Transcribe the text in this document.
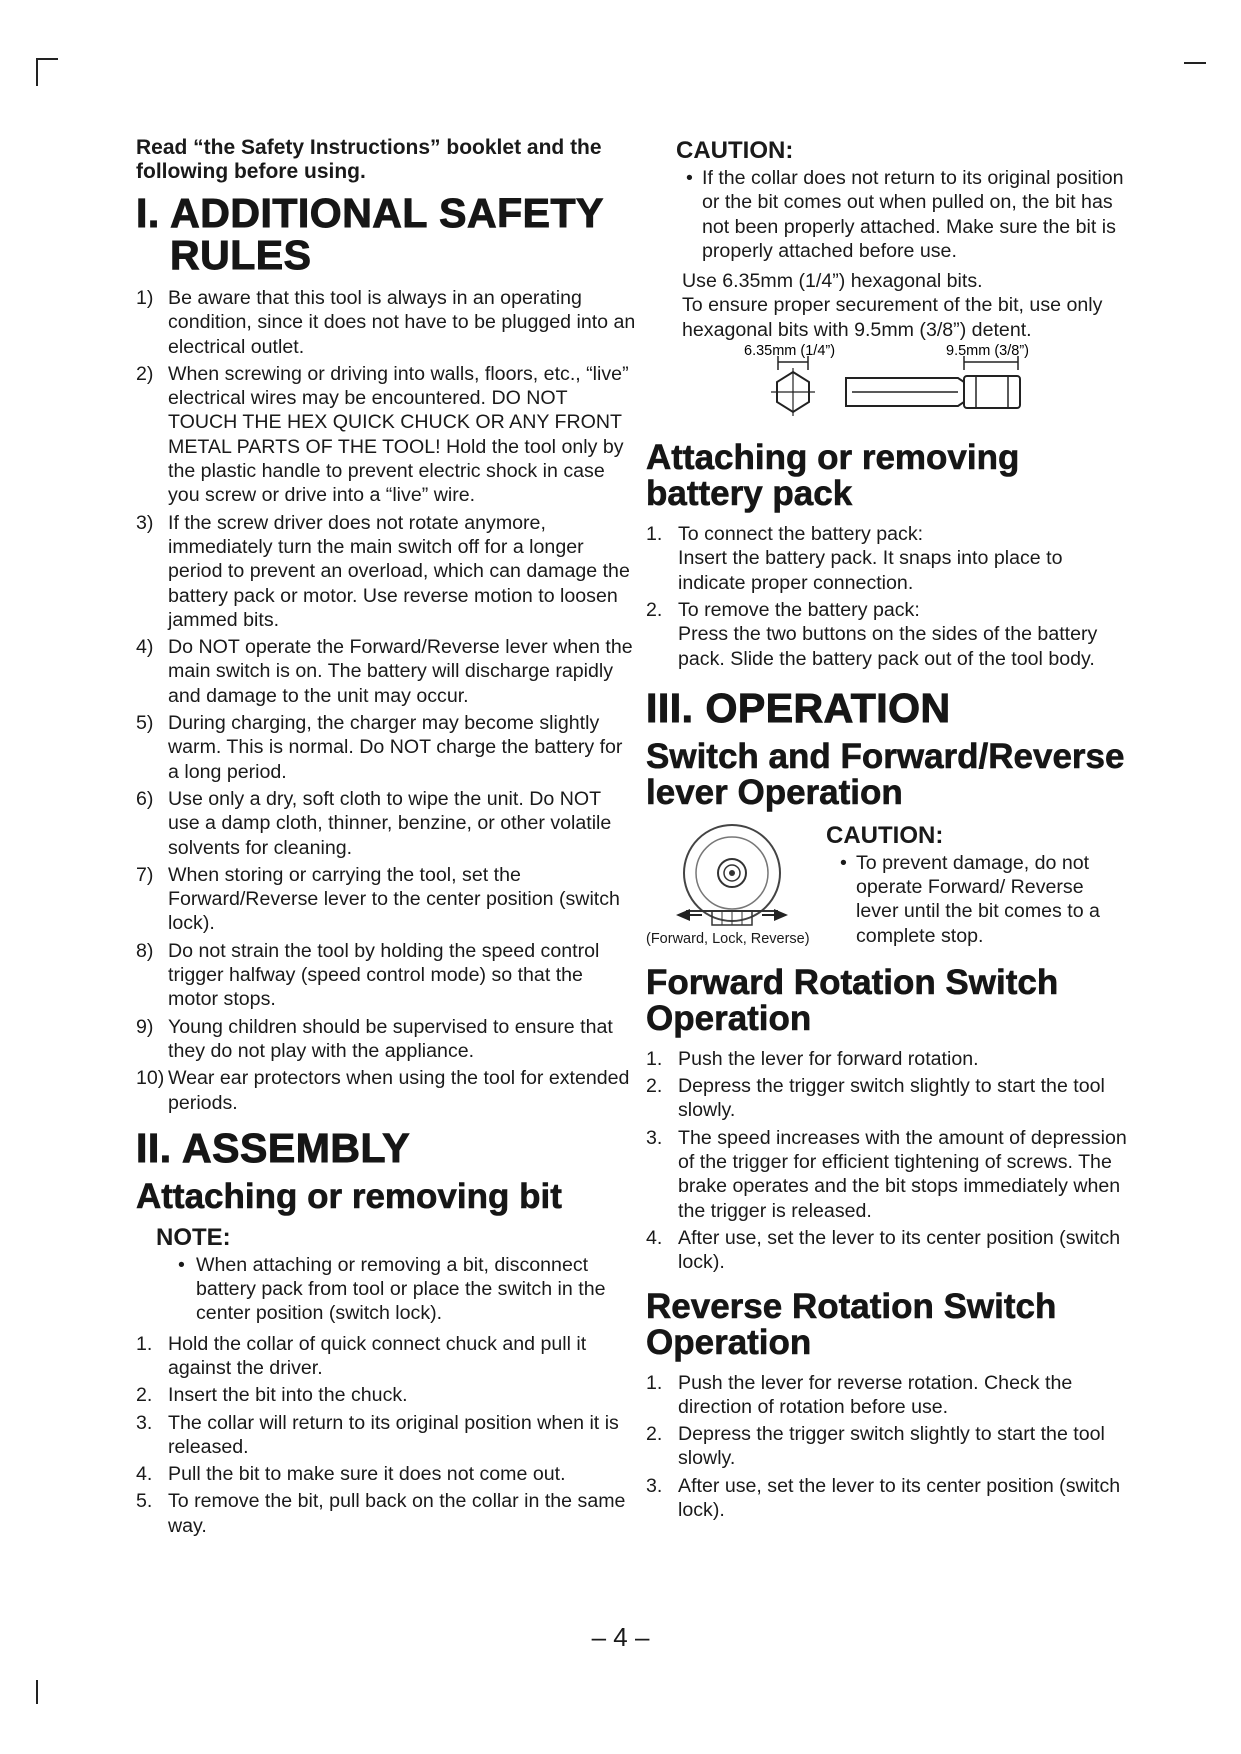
Read “the Safety Instructions” booklet and the following before using.

I. ADDITIONAL SAFETY
RULES
1) Be aware that this tool is always in an operating condition, since it does not have to be plugged into an electrical outlet.
2) When screwing or driving into walls, floors, etc., “live” electrical wires may be encountered. DO NOT TOUCH THE HEX QUICK CHUCK OR ANY FRONT METAL PARTS OF THE TOOL! Hold the tool only by the plastic handle to prevent electric shock in case you screw or drive into a “live” wire.
3) If the screw driver does not rotate anymore, immediately turn the main switch off for a longer period to prevent an overload, which can damage the battery pack or motor. Use reverse motion to loosen jammed bits.
4) Do NOT operate the Forward/Reverse lever when the main switch is on. The battery will discharge rapidly and damage to the unit may occur.
5) During charging, the charger may become slightly warm. This is normal. Do NOT charge the battery for a long period.
6) Use only a dry, soft cloth to wipe the unit. Do NOT use a damp cloth, thinner, benzine, or other volatile solvents for cleaning.
7) When storing or carrying the tool, set the Forward/Reverse lever to the center position (switch lock).
8) Do not strain the tool by holding the speed control trigger halfway (speed control mode) so that the motor stops.
9) Young children should be supervised to ensure that they do not play with the appliance.
10) Wear ear protectors when using the tool for extended periods.
II. ASSEMBLY
Attaching or removing bit
NOTE:
• When attaching or removing a bit, disconnect battery pack from tool or place the switch in the center position (switch lock).
1. Hold the collar of quick connect chuck and pull it against the driver.
2. Insert the bit into the chuck.
3. The collar will return to its original position when it is released.
4. Pull the bit to make sure it does not come out.
5. To remove the bit, pull back on the collar in the same way.
CAUTION:
• If the collar does not return to its original position or the bit comes out when pulled on, the bit has not been properly attached. Make sure the bit is properly attached before use.
Use 6.35mm (1/4”) hexagonal bits.
To ensure proper securement of the bit, use only hexagonal bits with 9.5mm (3/8”) detent.
6.35mm (1/4”)	9.5mm (3/8”)
Attaching or removing battery pack
1. To connect the battery pack:
Insert the battery pack. It snaps into place to indicate proper connection.
2. To remove the battery pack:
Press the two buttons on the sides of the battery pack. Slide the battery pack out of the tool body.
III. OPERATION
Switch and Forward/Reverse lever Operation
(Forward, Lock, Reverse)
CAUTION:
• To prevent damage, do not operate Forward/ Reverse lever until the bit comes to a complete stop.
Forward Rotation Switch Operation
1. Push the lever for forward rotation.
2. Depress the trigger switch slightly to start the tool slowly.
3. The speed increases with the amount of depression of the trigger for efficient tightening of screws. The brake operates and the bit stops immediately when the trigger is released.
4. After use, set the lever to its center position (switch lock).
Reverse Rotation Switch Operation
1. Push the lever for reverse rotation. Check the direction of rotation before use.
2. Depress the trigger switch slightly to start the tool slowly.
3. After use, set the lever to its center position (switch lock).
– 4 –
